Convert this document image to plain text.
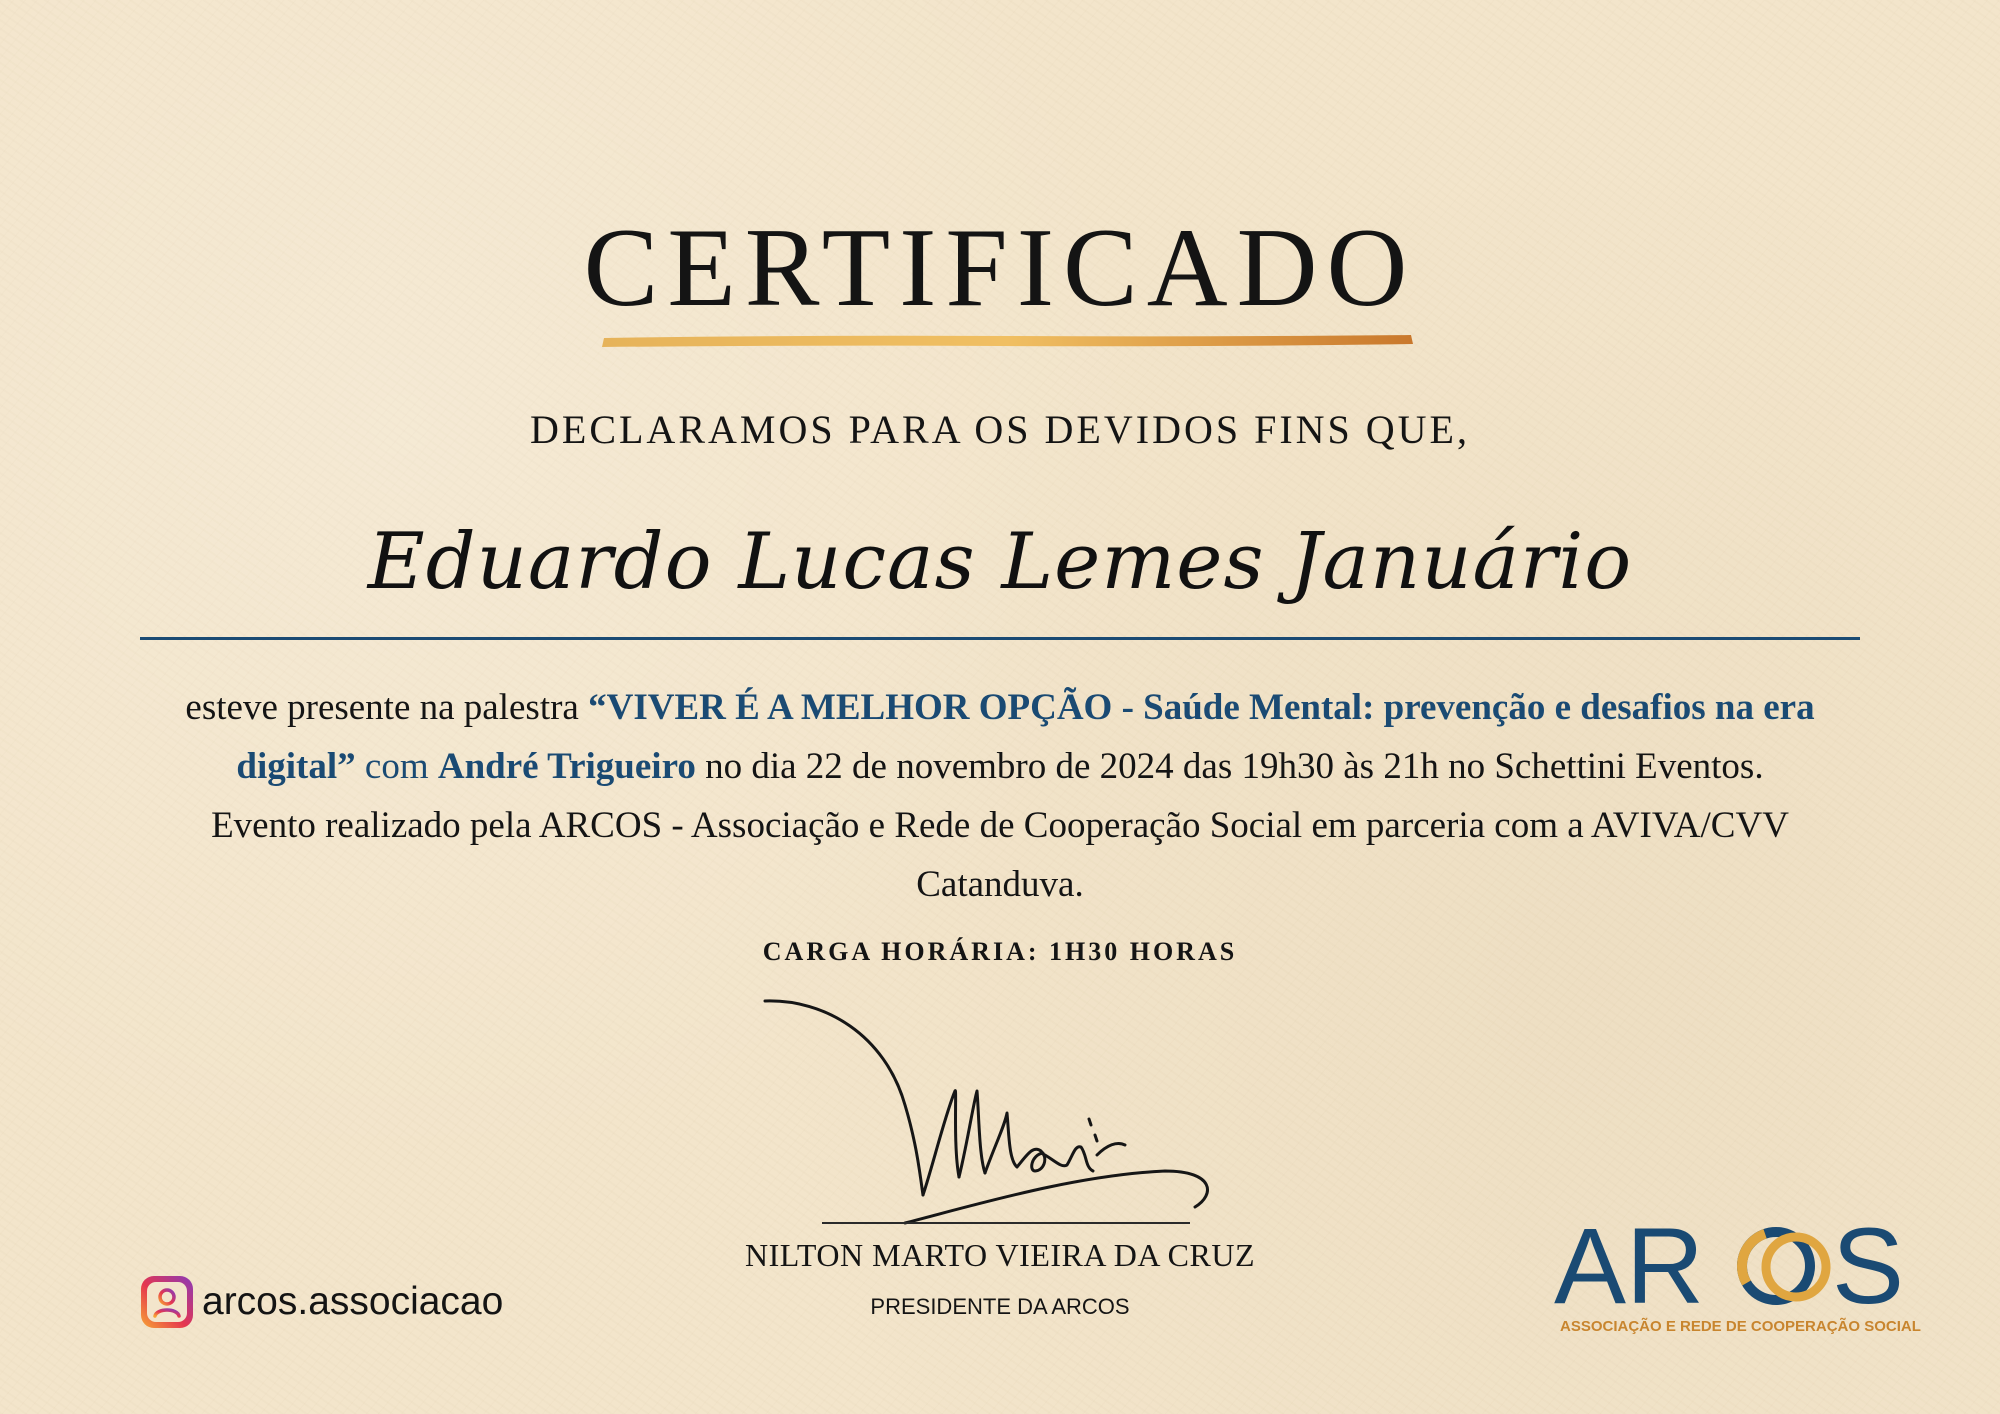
CERTIFICADO
DECLARAMOS PARA OS DEVIDOS FINS QUE,
Eduardo Lucas Lemes Januário
esteve presente na palestra “VIVER É A MELHOR OPÇÃO - Saúde Mental: prevenção e desafios na era digital” com André Trigueiro no dia 22 de novembro de 2024 das 19h30 às 21h no Schettini Eventos. Evento realizado pela ARCOS - Associação e Rede de Cooperação Social em parceria com a AVIVA/CVV Catanduva.
CARGA HORÁRIA: 1H30 HORAS
NILTON MARTO VIEIRA DA CRUZ
PRESIDENTE DA ARCOS
arcos.associacao	AR S
ASSOCIAÇÃO E REDE DE COOPERAÇÃO SOCIAL
